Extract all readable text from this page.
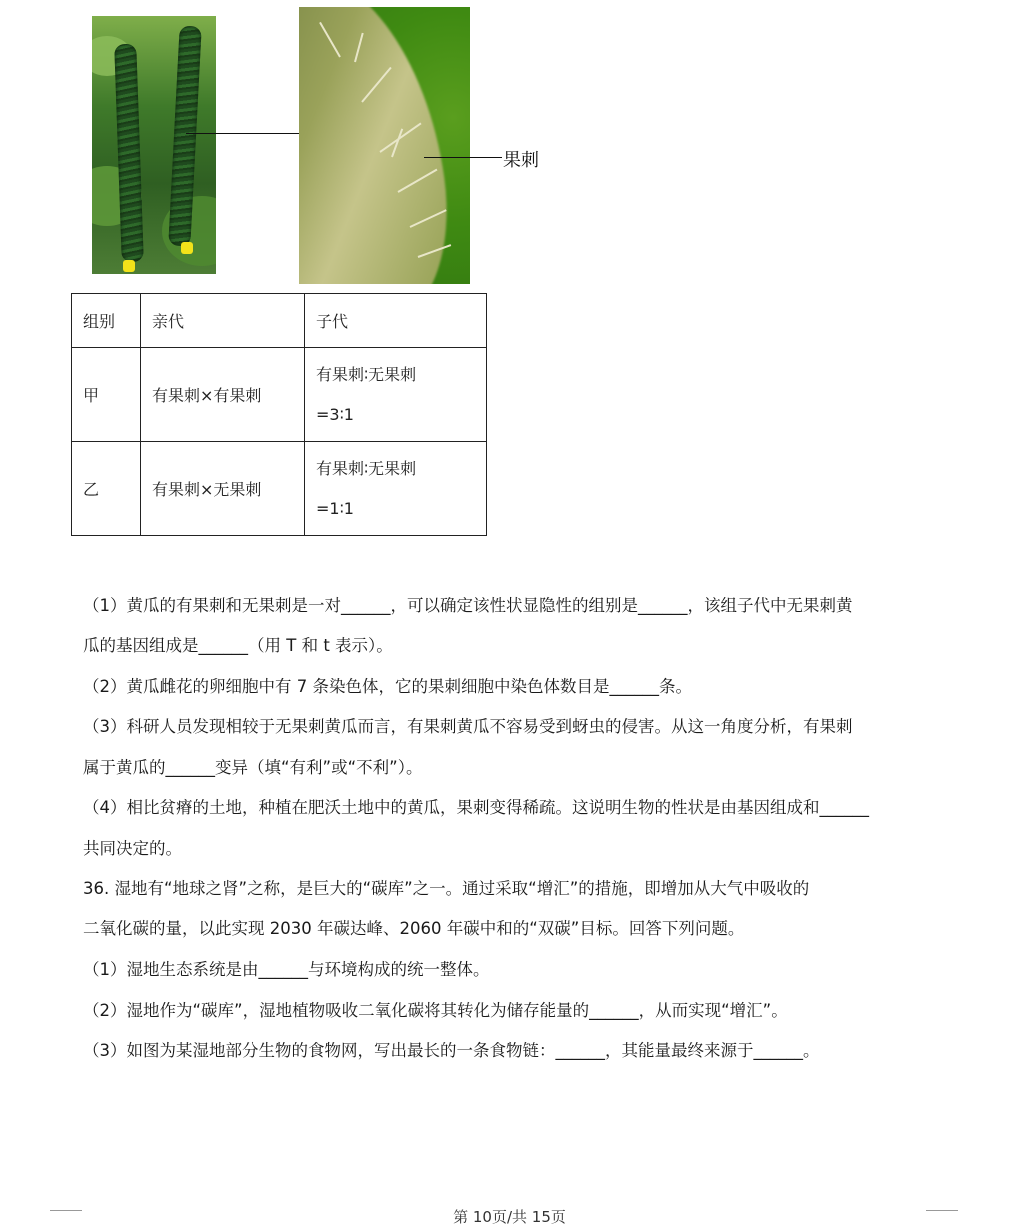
果刺
组别	亲代	子代
甲	有果刺×有果刺	有果刺∶无果刺
=3∶1

乙	有果刺×无果刺	有果刺∶无果刺
=1∶1
（1）黄瓜的有果刺和无果刺是一对______，可以确定该性状显隐性的组别是______，该组子代中无果刺黄
瓜的基因组成是______（用 T 和 t 表示）。
（2）黄瓜雌花的卵细胞中有 7 条染色体，它的果刺细胞中染色体数目是______条。
（3）科研人员发现相较于无果刺黄瓜而言，有果刺黄瓜不容易受到蚜虫的侵害。从这一角度分析，有果刺
属于黄瓜的______变异（填“有利”或“不利”）。
（4）相比贫瘠的土地，种植在肥沃土地中的黄瓜，果刺变得稀疏。这说明生物的性状是由基因组成和______
共同决定的。
36. 湿地有“地球之肾”之称，是巨大的“碳库”之一。通过采取“增汇”的措施，即增加从大气中吸收的
二氧化碳的量，以此实现 2030 年碳达峰、2060 年碳中和的“双碳”目标。回答下列问题。
（1）湿地生态系统是由______与环境构成的统一整体。
（2）湿地作为“碳库”，湿地植物吸收二氧化碳将其转化为储存能量的______，从而实现“增汇”。
（3）如图为某湿地部分生物的食物网，写出最长的一条食物链：______，其能量最终来源于______。
第 10页/共 15页
